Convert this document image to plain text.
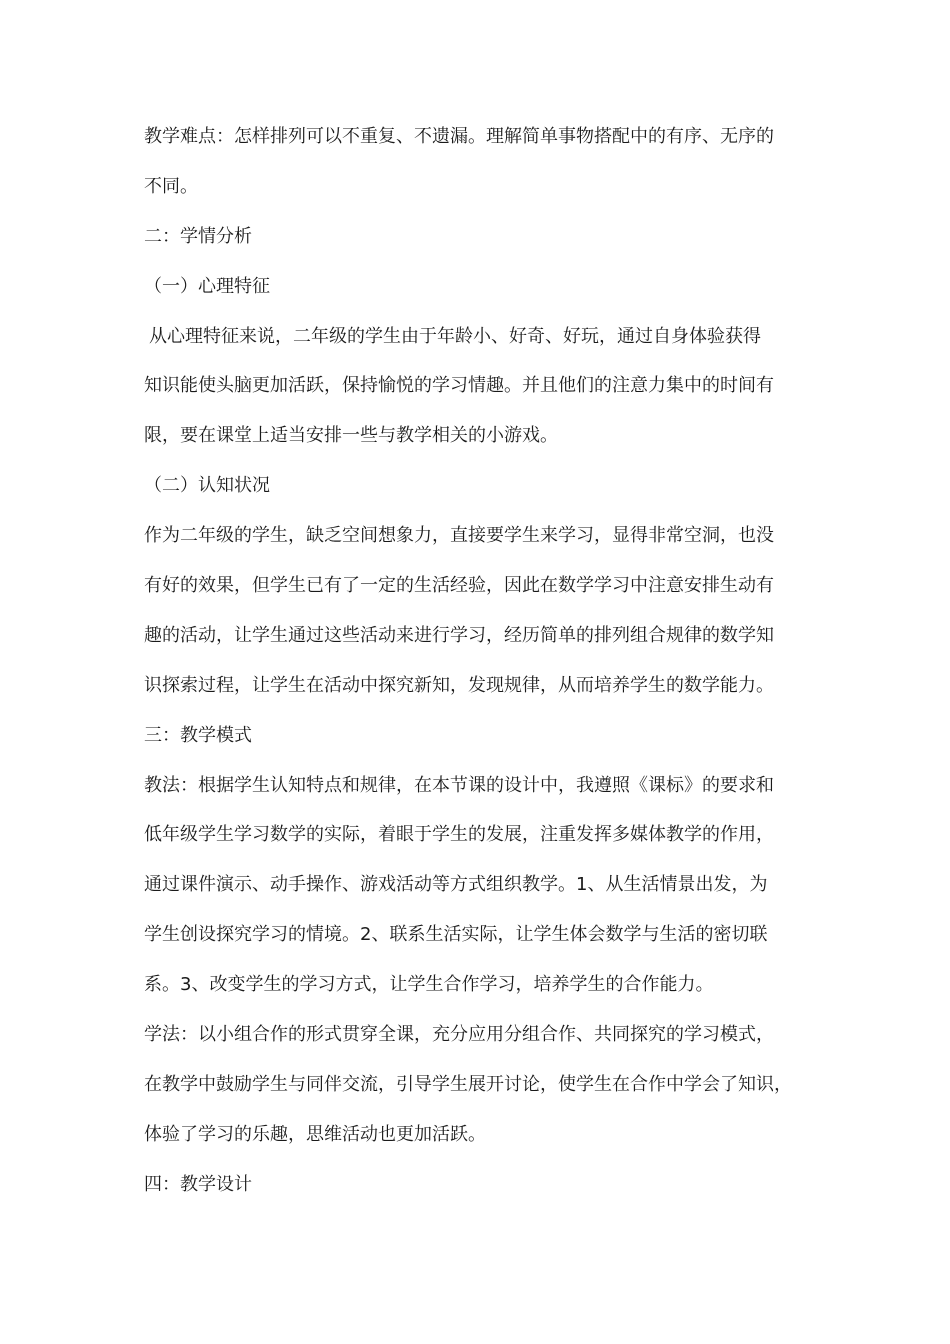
教学难点：怎样排列可以不重复、不遗漏。理解简单事物搭配中的有序、无序的
不同。
二：学情分析
（一）心理特征
从心理特征来说，二年级的学生由于年龄小、好奇、好玩，通过自身体验获得
知识能使头脑更加活跃，保持愉悦的学习情趣。并且他们的注意力集中的时间有
限，要在课堂上适当安排一些与教学相关的小游戏。
（二）认知状况
作为二年级的学生，缺乏空间想象力，直接要学生来学习，显得非常空洞，也没
有好的效果，但学生已有了一定的生活经验，因此在数学学习中注意安排生动有
趣的活动，让学生通过这些活动来进行学习，经历简单的排列组合规律的数学知
识探索过程，让学生在活动中探究新知，发现规律，从而培养学生的数学能力。
三：教学模式
教法：根据学生认知特点和规律，在本节课的设计中，我遵照《课标》的要求和
低年级学生学习数学的实际，着眼于学生的发展，注重发挥多媒体教学的作用，
通过课件演示、动手操作、游戏活动等方式组织教学。1、从生活情景出发，为
学生创设探究学习的情境。2、联系生活实际，让学生体会数学与生活的密切联
系。3、改变学生的学习方式，让学生合作学习，培养学生的合作能力。
学法：以小组合作的形式贯穿全课，充分应用分组合作、共同探究的学习模式，
在教学中鼓励学生与同伴交流，引导学生展开讨论，使学生在合作中学会了知识，
体验了学习的乐趣，思维活动也更加活跃。
四：教学设计
